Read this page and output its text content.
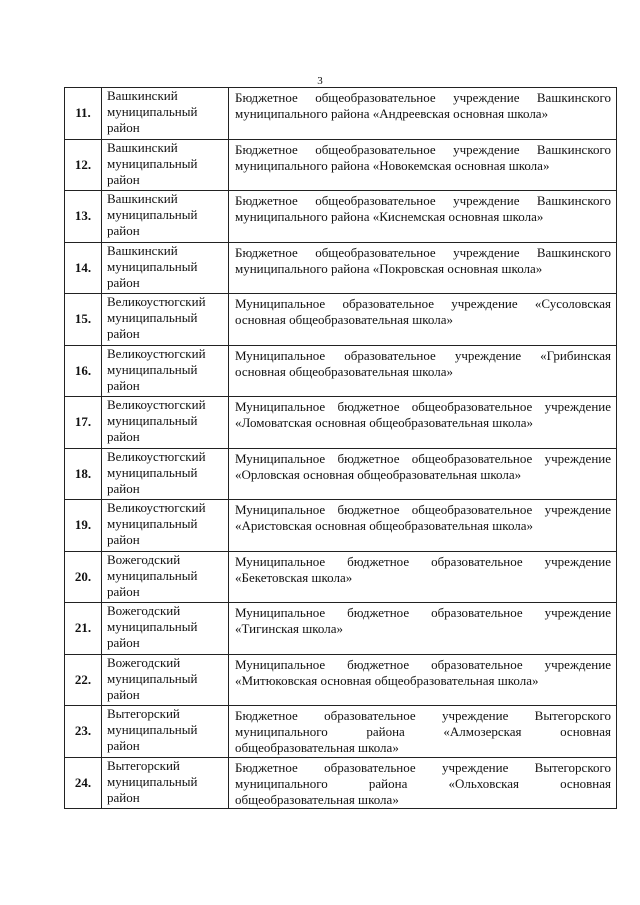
3
11.	Вашкинский
муниципальный
район	Бюджетное общеобразовательное учреждение Вашкинского муниципального района «Андреевская основная школа»
12.	Вашкинский
муниципальный
район	Бюджетное общеобразовательное учреждение Вашкинского муниципального района «Новокемская основная школа»
13.	Вашкинский
муниципальный
район	Бюджетное общеобразовательное учреждение Вашкинского муниципального района «Киснемская основная школа»
14.	Вашкинский
муниципальный
район	Бюджетное общеобразовательное учреждение Вашкинского муниципального района «Покровская основная школа»
15.	Великоустюгский
муниципальный
район	Муниципальное образовательное учреждение «Сусоловская основная общеобразовательная школа»
16.	Великоустюгский
муниципальный
район	Муниципальное образовательное учреждение «Грибинская основная общеобразовательная школа»
17.	Великоустюгский
муниципальный
район	Муниципальное бюджетное общеобразовательное учреждение «Ломоватская основная общеобразовательная школа»
18.	Великоустюгский
муниципальный
район	Муниципальное бюджетное общеобразовательное учреждение «Орловская основная общеобразовательная школа»
19.	Великоустюгский
муниципальный
район	Муниципальное бюджетное общеобразовательное учреждение «Аристовская основная общеобразовательная школа»
20.	Вожегодский
муниципальный
район	Муниципальное бюджетное образовательное учреждение «Бекетовская школа»
21.	Вожегодский
муниципальный
район	Муниципальное бюджетное образовательное учреждение «Тигинская школа»
22.	Вожегодский
муниципальный
район	Муниципальное бюджетное образовательное учреждение «Митюковская основная общеобразовательная школа»
23.	Вытегорский
муниципальный
район	Бюджетное образовательное учреждение Вытегорского муниципального района «Алмозерская основная общеобразовательная школа»
24.	Вытегорский
муниципальный
район	Бюджетное образовательное учреждение Вытегорского муниципального района «Ольховская основная общеобразовательная школа»
